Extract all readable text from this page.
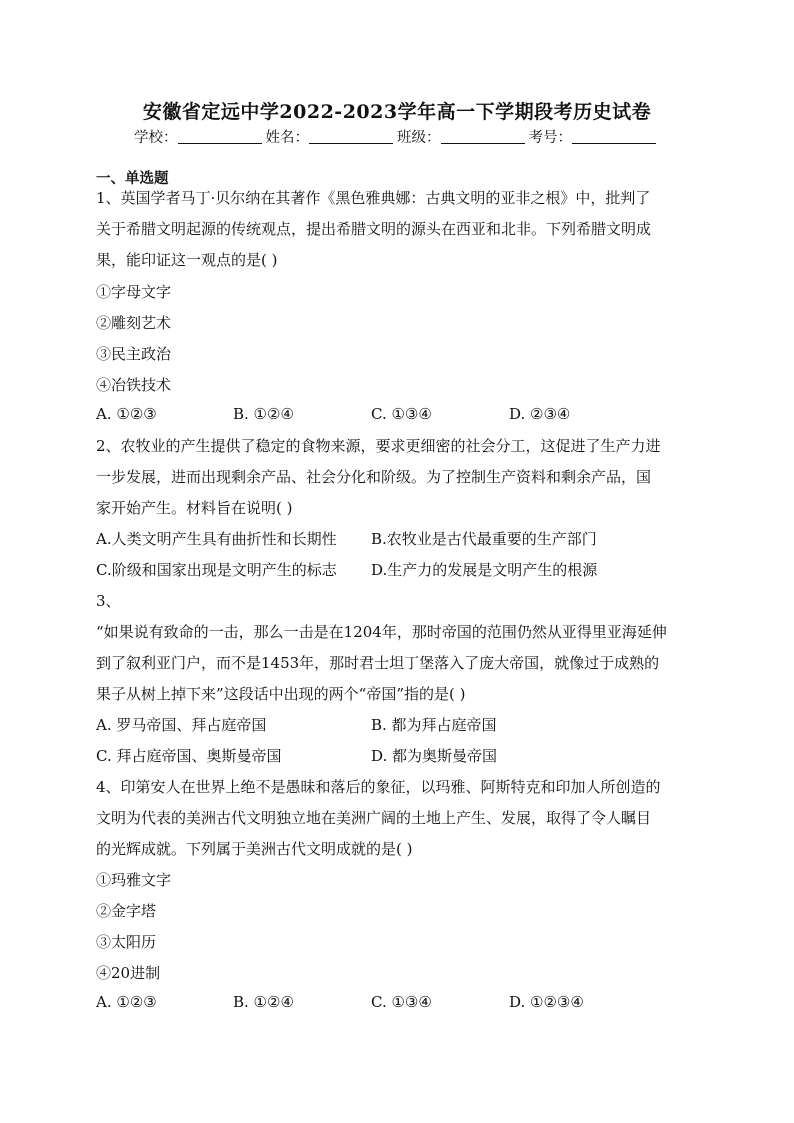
安徽省定远中学2022-2023学年高一下学期段考历史试卷
学校：	姓名：	班级：	考号：
一、单选题
1、英国学者马丁·贝尔纳在其著作《黑色雅典娜：古典文明的亚非之根》中，批判了
关于希腊文明起源的传统观点，提出希腊文明的源头在西亚和北非。下列希腊文明成
果，能印证这一观点的是( )
①字母文字
②雕刻艺术
③民主政治
④冶铁技术
A. ①②③	B. ①②④	C. ①③④	D. ②③④
2、农牧业的产生提供了稳定的食物来源，要求更细密的社会分工，这促进了生产力进
一步发展，进而出现剩余产品、社会分化和阶级。为了控制生产资料和剩余产品，国
家开始产生。材料旨在说明( )
A.人类文明产生具有曲折性和长期性 B.农牧业是古代最重要的生产部门
C.阶级和国家出现是文明产生的标志 D.生产力的发展是文明产生的根源
3、
“如果说有致命的一击，那么一击是在1204年，那时帝国的范围仍然从亚得里亚海延伸
到了叙利亚门户，而不是1453年，那时君士坦丁堡落入了庞大帝国，就像过于成熟的
果子从树上掉下来”这段话中出现的两个“帝国”指的是( )
A. 罗马帝国、拜占庭帝国	B. 都为拜占庭帝国
C. 拜占庭帝国、奥斯曼帝国	D. 都为奥斯曼帝国
4、印第安人在世界上绝不是愚昧和落后的象征，以玛雅、阿斯特克和印加人所创造的
文明为代表的美洲古代文明独立地在美洲广阔的土地上产生、发展，取得了令人瞩目
的光辉成就。下列属于美洲古代文明成就的是( )
①玛雅文字
②金字塔
③太阳历
④20进制
A. ①②③	B. ①②④	C. ①③④	D. ①②③④
